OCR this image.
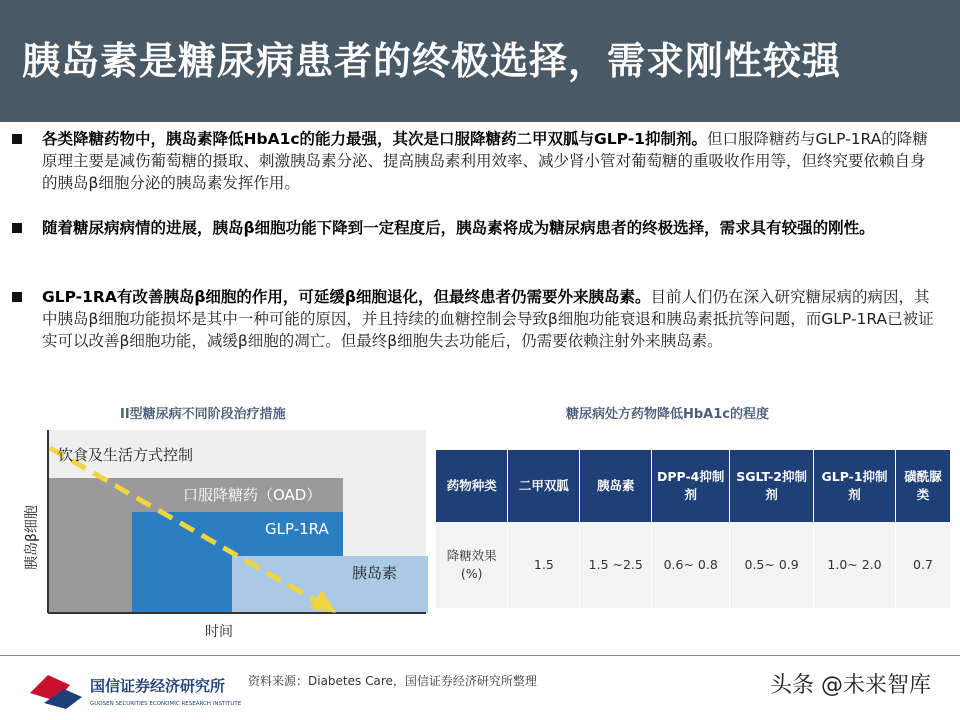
胰岛素是糖尿病患者的终极选择，需求刚性较强
各类降糖药物中，胰岛素降低HbA1c的能力最强，其次是口服降糖药二甲双胍与GLP-1抑制剂。但口服降糖药与GLP-1RA的降糖原理主要是减伤葡萄糖的摄取、刺激胰岛素分泌、提高胰岛素利用效率、减少肾小管对葡萄糖的重吸收作用等，但终究要依赖自身的胰岛β细胞分泌的胰岛素发挥作用。
随着糖尿病病情的进展，胰岛β细胞功能下降到一定程度后，胰岛素将成为糖尿病患者的终极选择，需求具有较强的刚性。
GLP-1RA有改善胰岛β细胞的作用，可延缓β细胞退化，但最终患者仍需要外来胰岛素。目前人们仍在深入研究糖尿病的病因，其中胰岛β细胞功能损坏是其中一种可能的原因，并且持续的血糖控制会导致β细胞功能衰退和胰岛素抵抗等问题，而GLP-1RA已被证实可以改善β细胞功能，减缓β细胞的凋亡。但最终β细胞失去功能后，仍需要依赖注射外来胰岛素。
II型糖尿病不同阶段治疗措施	糖尿病处方药物降低HbA1c的程度
饮食及生活方式控制
口服降糖药（OAD）
GLP-1RA
胰岛素
胰岛β细胞
时间
药物种类	二甲双胍	胰岛素	DPP-4抑制剂	SGLT-2抑制剂	GLP-1抑制剂	磺酰脲类
降糖效果(%)	1.5	1.5 ~2.5	0.6~ 0.8	0.5~ 0.9	1.0~ 2.0	0.7
国信证券经济研究所
GUOSEN SECURITIES ECONOMIC RESEARCH INSTITUTE
资料来源：Diabetes Care，国信证券经济研究所整理	头条 @未来智库
